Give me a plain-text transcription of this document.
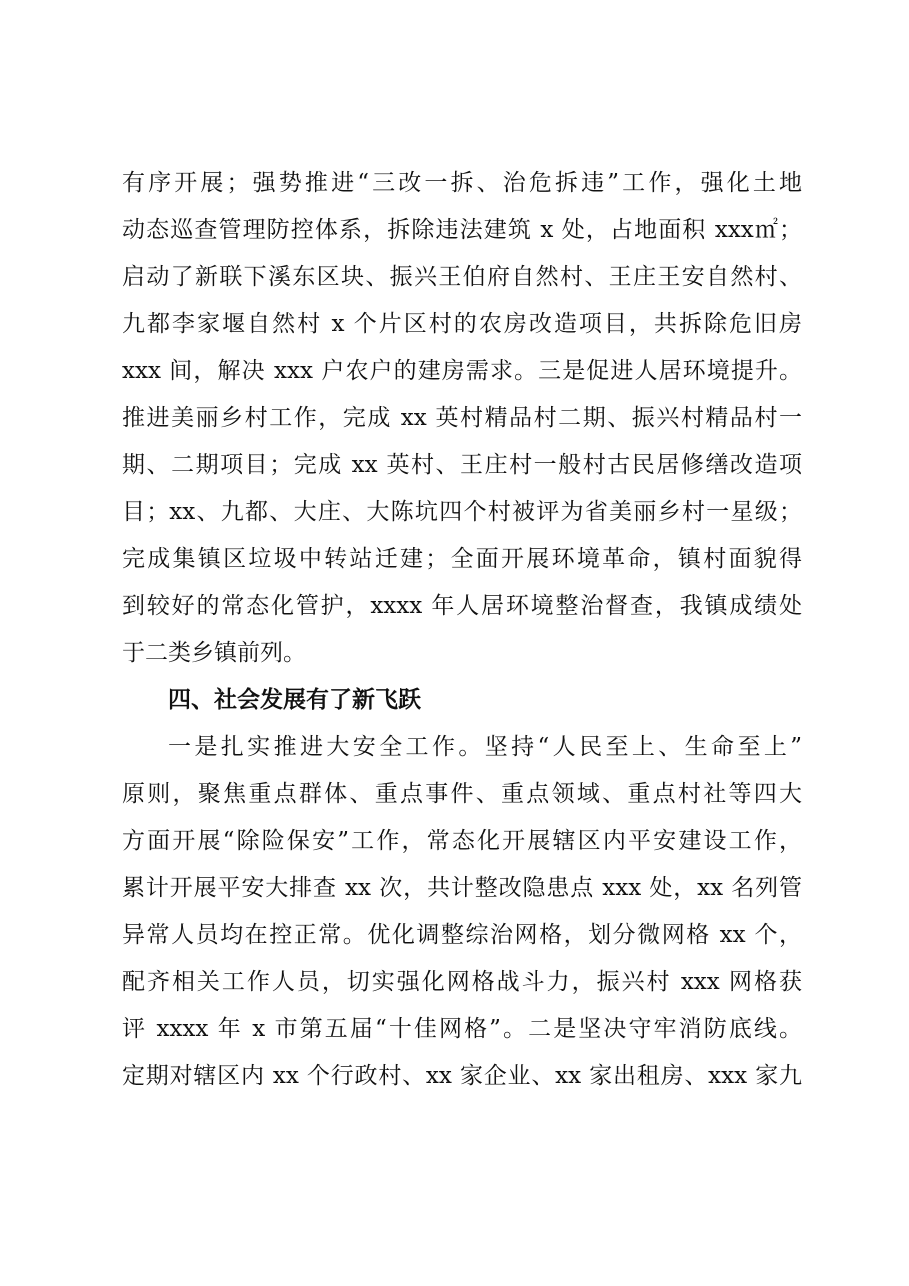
有序开展；强势推进“三改一拆、治危拆违”工作，强化土地
动态巡查管理防控体系，拆除违法建筑 x 处，占地面积 xxx㎡；
启动了新联下溪东区块、振兴王伯府自然村、王庄王安自然村、
九都李家堰自然村 x 个片区村的农房改造项目，共拆除危旧房
xxx 间，解决 xxx 户农户的建房需求。三是促进人居环境提升。
推进美丽乡村工作，完成 xx 英村精品村二期、振兴村精品村一
期、二期项目；完成 xx 英村、王庄村一般村古民居修缮改造项
目；xx、九都、大庄、大陈坑四个村被评为省美丽乡村一星级；
完成集镇区垃圾中转站迁建；全面开展环境革命，镇村面貌得
到较好的常态化管护，xxxx 年人居环境整治督查，我镇成绩处
于二类乡镇前列。
四、社会发展有了新飞跃
一是扎实推进大安全工作。坚持“人民至上、生命至上”
原则，聚焦重点群体、重点事件、重点领域、重点村社等四大
方面开展“除险保安”工作，常态化开展辖区内平安建设工作，
累计开展平安大排查 xx 次，共计整改隐患点 xxx 处，xx 名列管
异常人员均在控正常。优化调整综治网格，划分微网格 xx 个，
配齐相关工作人员，切实强化网格战斗力，振兴村 xxx 网格获
评 xxxx 年 x 市第五届“十佳网格”。二是坚决守牢消防底线。
定期对辖区内 xx 个行政村、xx 家企业、xx 家出租房、xxx 家九
